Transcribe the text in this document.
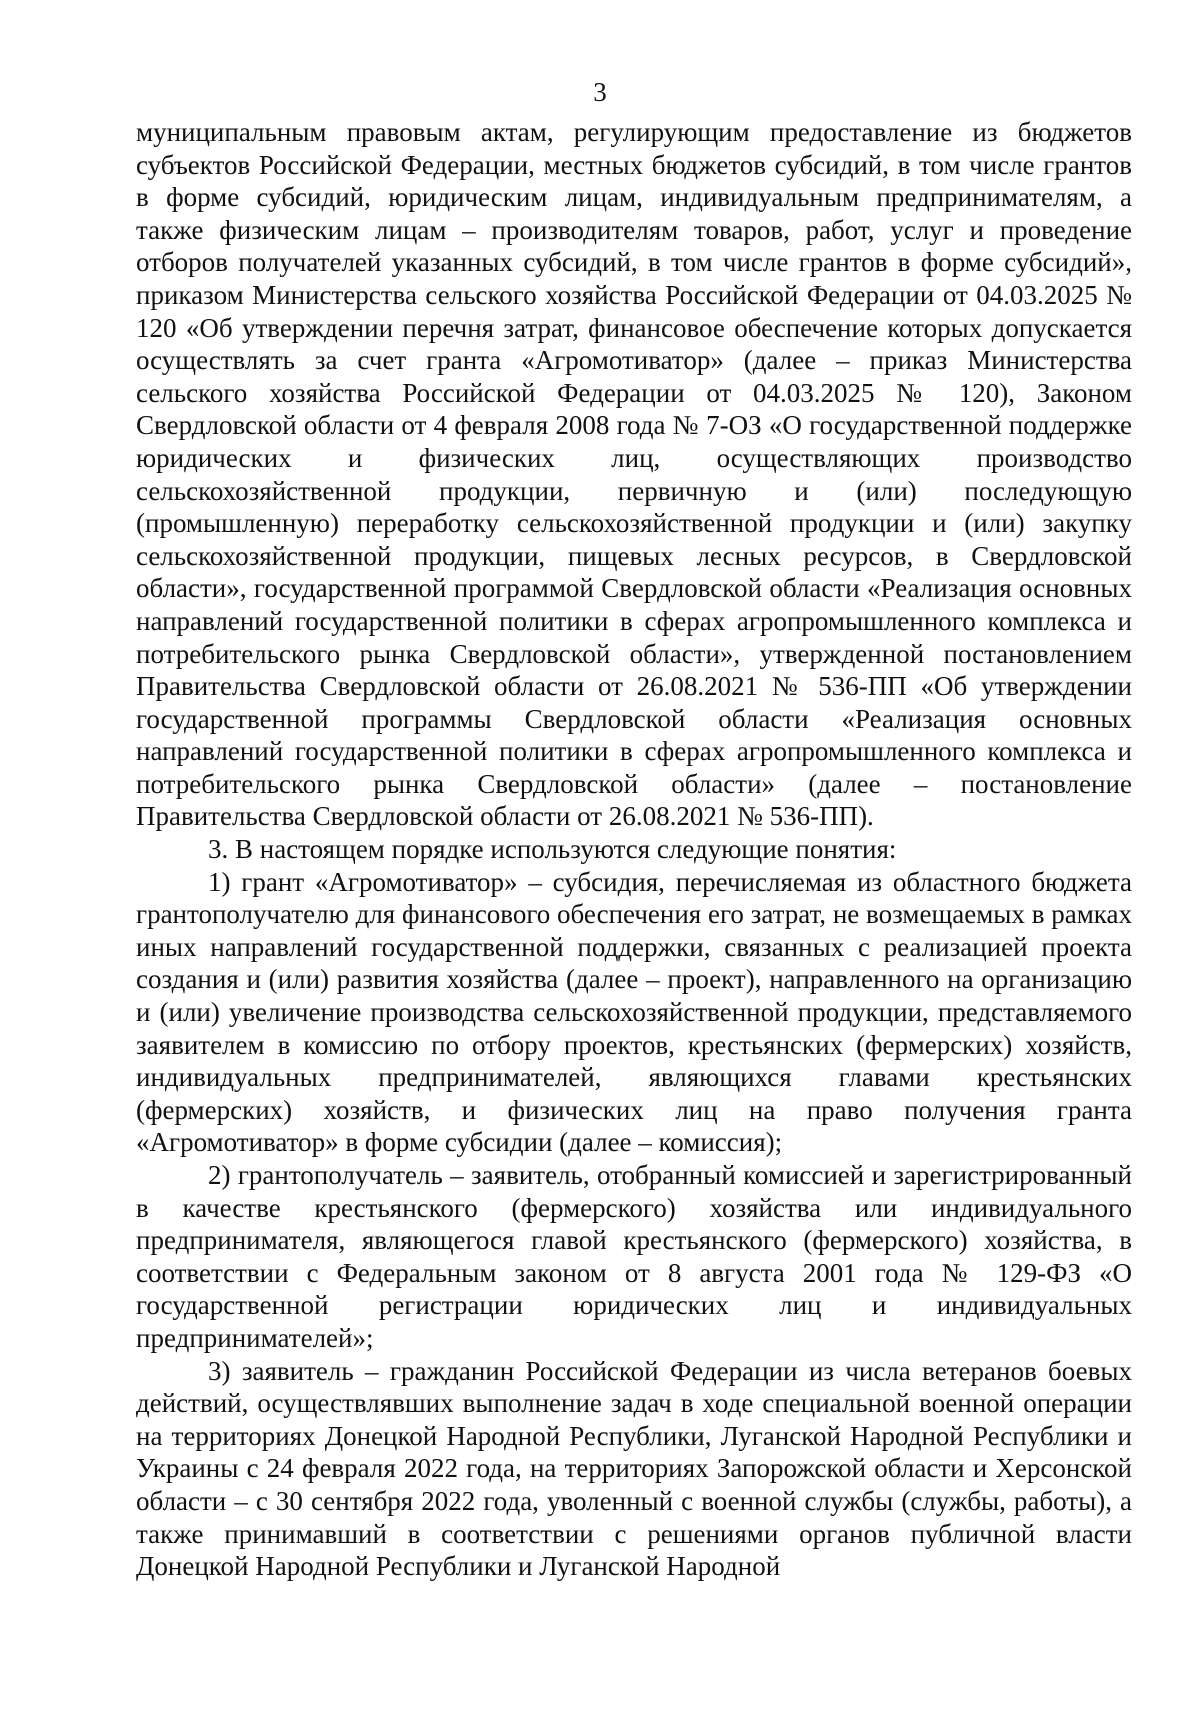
3

муниципальным правовым актам, регулирующим предоставление из бюджетов субъектов Российской Федерации, местных бюджетов субсидий, в том числе грантов в форме субсидий, юридическим лицам, индивидуальным предпринимателям, а также физическим лицам – производителям товаров, работ, услуг и проведение отборов получателей указанных субсидий, в том числе грантов в форме субсидий», приказом Министерства сельского хозяйства Российской Федерации от 04.03.2025 № 120 «Об утверждении перечня затрат, финансовое обеспечение которых допускается осуществлять за счет гранта «Агромотиватор» (далее – приказ Министерства сельского хозяйства Российской Федерации от 04.03.2025 № 120), Законом Свердловской области от 4 февраля 2008 года № 7-ОЗ «О государственной поддержке юридических и физических лиц, осуществляющих производство сельскохозяйственной продукции, первичную и (или) последующую (промышленную) переработку сельскохозяйственной продукции и (или) закупку сельскохозяйственной продукции, пищевых лесных ресурсов, в Свердловской области», государственной программой Свердловской области «Реализация основных направлений государственной политики в сферах агропромышленного комплекса и потребительского рынка Свердловской области», утвержденной постановлением Правительства Свердловской области от 26.08.2021 № 536-ПП «Об утверждении государственной программы Свердловской области «Реализация основных направлений государственной политики в сферах агропромышленного комплекса и потребительского рынка Свердловской области» (далее – постановление Правительства Свердловской области от 26.08.2021 № 536-ПП).

3. В настоящем порядке используются следующие понятия:

1) грант «Агромотиватор» – субсидия, перечисляемая из областного бюджета грантополучателю для финансового обеспечения его затрат, не возмещаемых в рамках иных направлений государственной поддержки, связанных с реализацией проекта создания и (или) развития хозяйства (далее – проект), направленного на организацию и (или) увеличение производства сельскохозяйственной продукции, представляемого заявителем в комиссию по отбору проектов, крестьянских (фермерских) хозяйств, индивидуальных предпринимателей, являющихся главами крестьянских (фермерских) хозяйств, и физических лиц на право получения гранта «Агромотиватор» в форме субсидии (далее – комиссия);

2) грантополучатель – заявитель, отобранный комиссией и зарегистрированный в качестве крестьянского (фермерского) хозяйства или индивидуального предпринимателя, являющегося главой крестьянского (фермерского) хозяйства, в соответствии с Федеральным законом от 8 августа 2001 года № 129-ФЗ «О государственной регистрации юридических лиц и индивидуальных предпринимателей»;

3) заявитель – гражданин Российской Федерации из числа ветеранов боевых действий, осуществлявших выполнение задач в ходе специальной военной операции на территориях Донецкой Народной Республики, Луганской Народной Республики и Украины с 24 февраля 2022 года, на территориях Запорожской области и Херсонской области – с 30 сентября 2022 года, уволенный с военной службы (службы, работы), а также принимавший в соответствии с решениями органов публичной власти Донецкой Народной Республики и Луганской Народной
